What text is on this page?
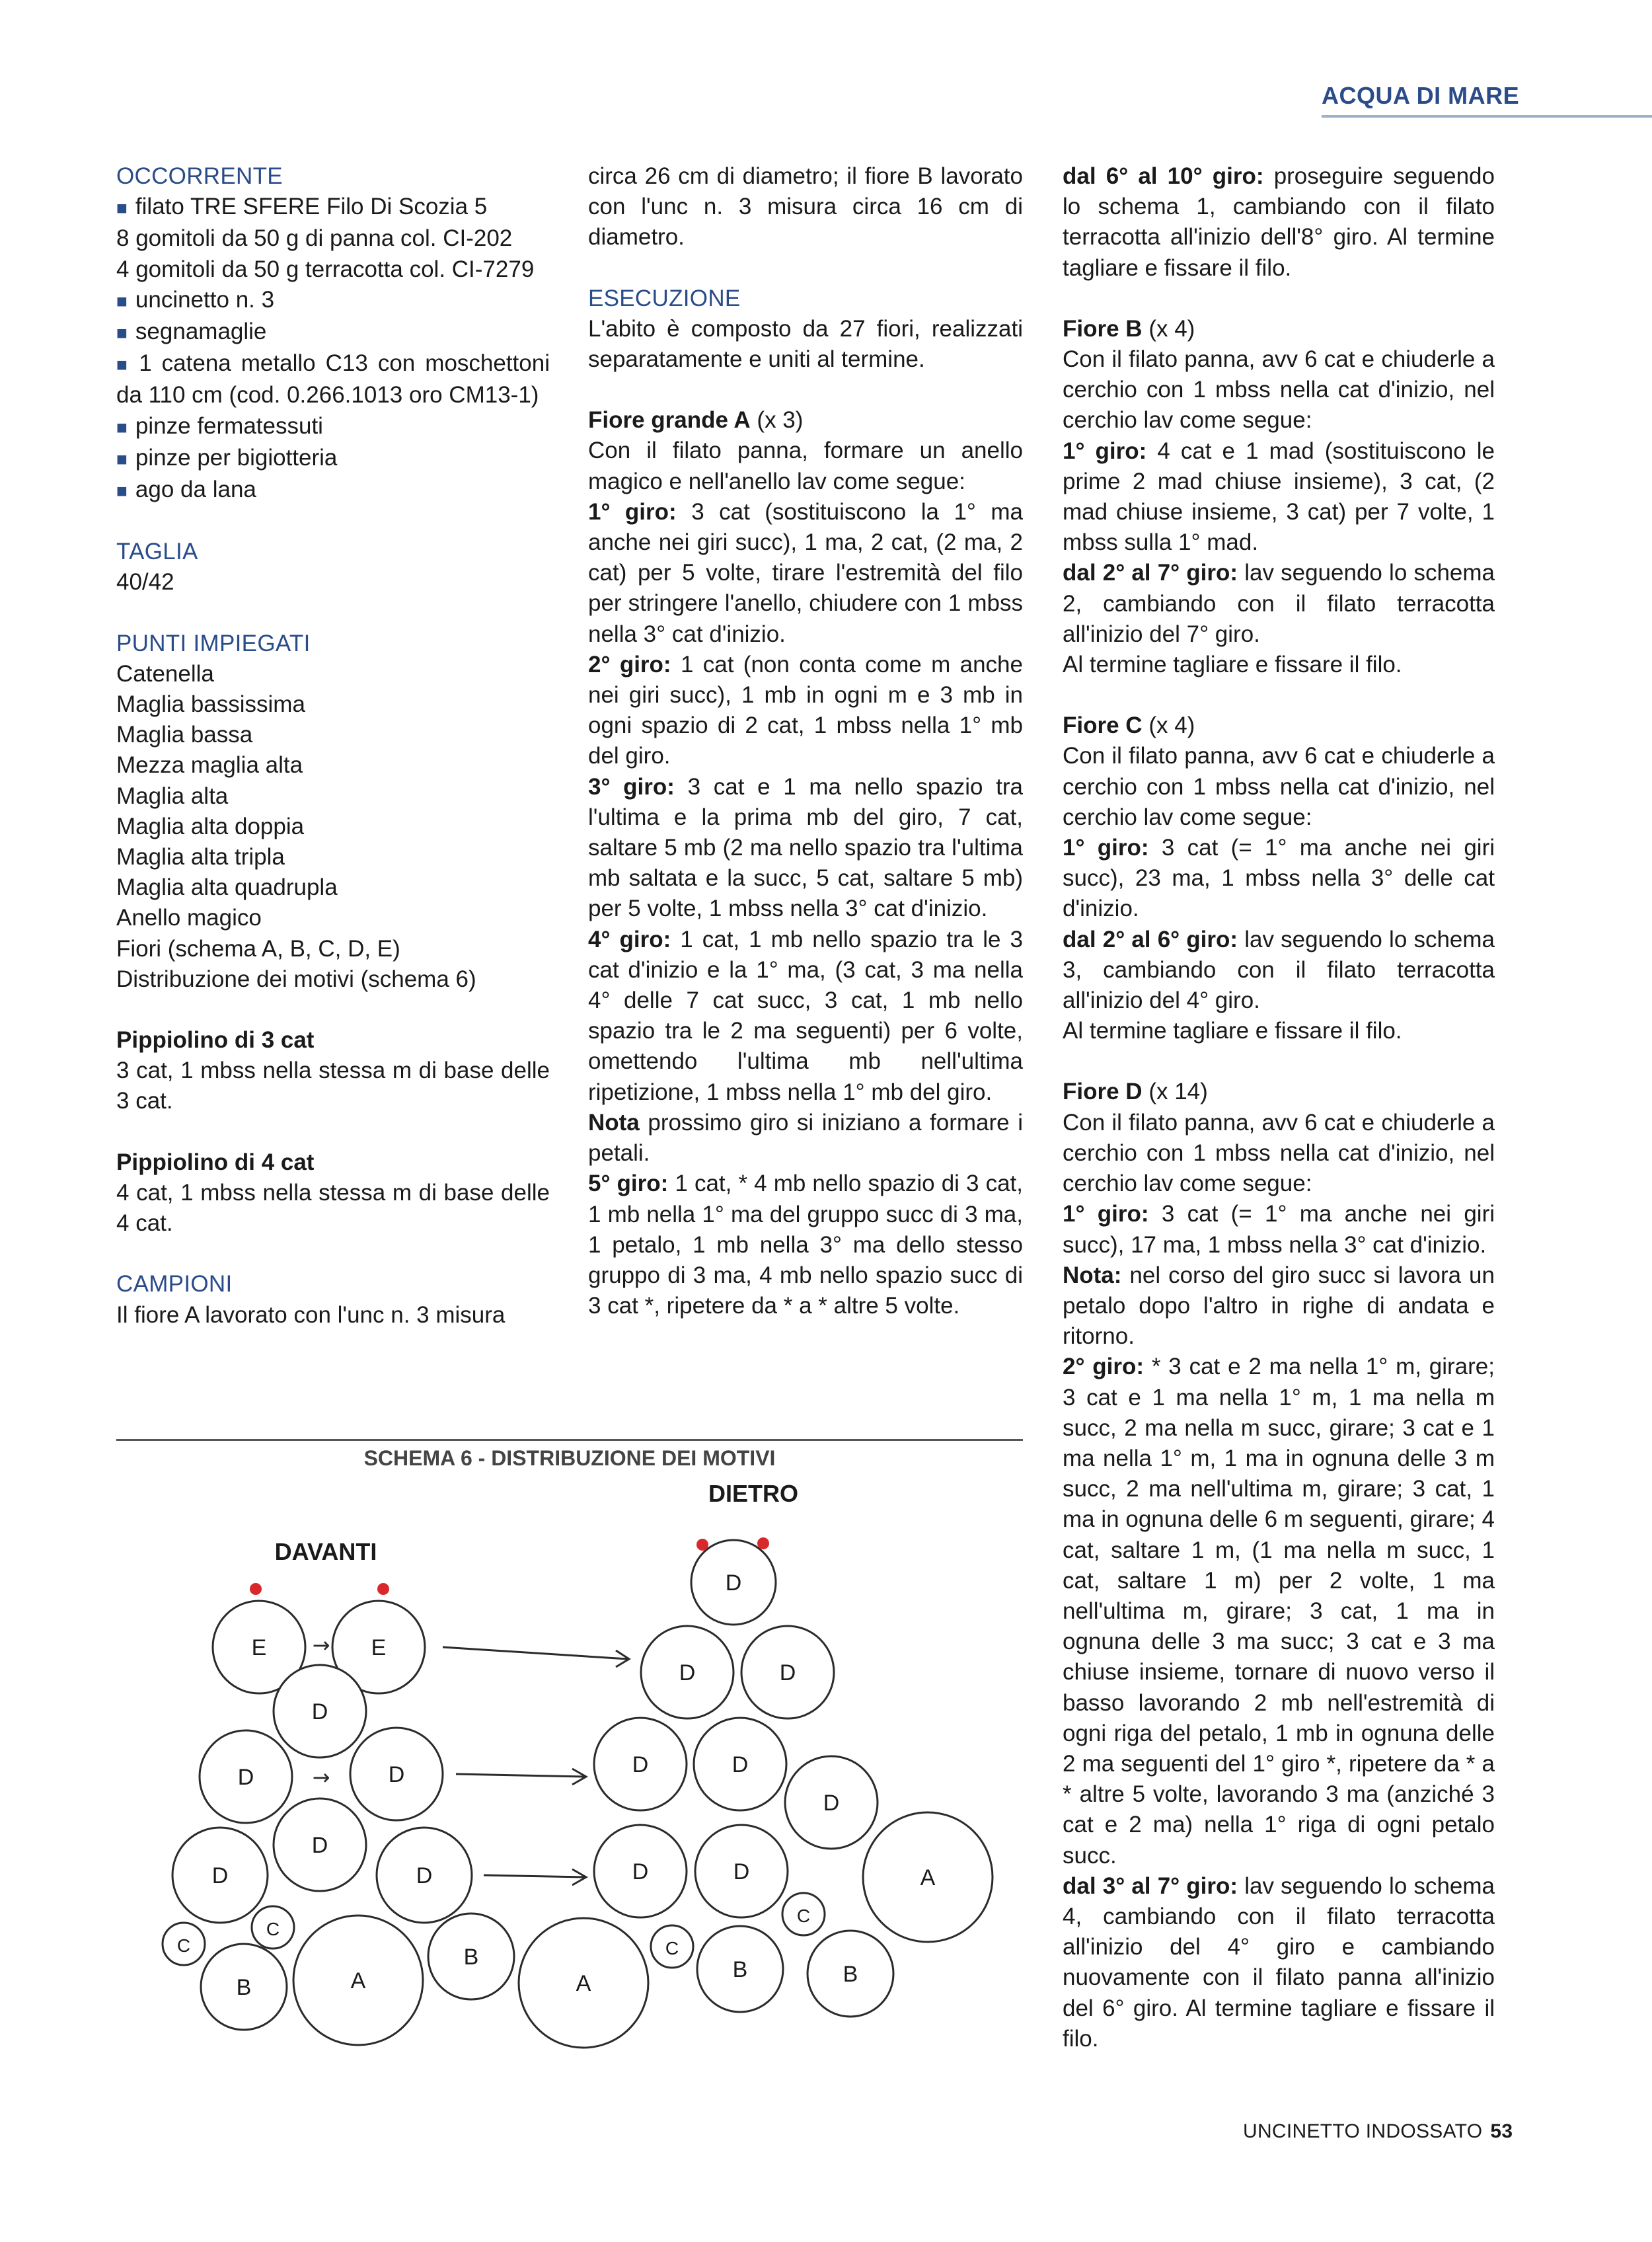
ACQUA DI MARE

OCCORRENTE

■ filato TRE SFERE Filo Di Scozia 5

8 gomitoli da 50 g di panna col. CI-202

4 gomitoli da 50 g terracotta col. CI-7279

■ uncinetto n. 3

■ segnamaglie

■ 1 catena metallo C13 con moschettoni da 110 cm (cod. 0.266.1013 oro CM13-1)

■ pinze fermatessuti

■ pinze per bigiotteria

■ ago da lana

TAGLIA

40/42

PUNTI IMPIEGATI

Catenella

Maglia bassissima

Maglia bassa

Mezza maglia alta

Maglia alta

Maglia alta doppia

Maglia alta tripla

Maglia alta quadrupla

Anello magico

Fiori (schema A, B, C, D, E)

Distribuzione dei motivi (schema 6)

Pippiolino di 3 cat

3 cat, 1 mbss nella stessa m di base delle 3 cat.

Pippiolino di 4 cat

4 cat, 1 mbss nella stessa m di base delle 4 cat.

CAMPIONI

Il fiore A lavorato con l'unc n. 3 misura

circa 26 cm di diametro; il fiore B lavorato con l'unc n. 3 misura circa 16 cm di diametro.

ESECUZIONE

L'abito è composto da 27 fiori, realizzati separatamente e uniti al termine.

Fiore grande A (x 3)

Con il filato panna, formare un anello magico e nell'anello lav come segue:

1° giro: 3 cat (sostituiscono la 1° ma anche nei giri succ), 1 ma, 2 cat, (2 ma, 2 cat) per 5 volte, tirare l'estremità del filo per stringere l'anello, chiudere con 1 mbss nella 3° cat d'inizio.

2° giro: 1 cat (non conta come m anche nei giri succ), 1 mb in ogni m e 3 mb in ogni spazio di 2 cat, 1 mbss nella 1° mb del giro.

3° giro: 3 cat e 1 ma nello spazio tra l'ultima e la prima mb del giro, 7 cat, saltare 5 mb (2 ma nello spazio tra l'ultima mb saltata e la succ, 5 cat, saltare 5 mb) per 5 volte, 1 mbss nella 3° cat d'inizio.

4° giro: 1 cat, 1 mb nello spazio tra le 3 cat d'inizio e la 1° ma, (3 cat, 3 ma nella 4° delle 7 cat succ, 3 cat, 1 mb nello spazio tra le 2 ma seguenti) per 6 volte, omettendo l'ultima mb nell'ultima ripetizione, 1 mbss nella 1° mb del giro.

Nota prossimo giro si iniziano a formare i petali.

5° giro: 1 cat, * 4 mb nello spazio di 3 cat, 1 mb nella 1° ma del gruppo succ di 3 ma, 1 petalo, 1 mb nella 3° ma dello stesso gruppo di 3 ma, 4 mb nello spazio succ di 3 cat *, ripetere da * a * altre 5 volte.

dal 6° al 10° giro: proseguire seguendo lo schema 1, cambiando con il filato terracotta all'inizio dell'8° giro. Al termine tagliare e fissare il filo.

Fiore B (x 4)

Con il filato panna, avv 6 cat e chiuderle a cerchio con 1 mbss nella cat d'inizio, nel cerchio lav come segue:

1° giro: 4 cat e 1 mad (sostituiscono le prime 2 mad chiuse insieme), 3 cat, (2 mad chiuse insieme, 3 cat) per 7 volte, 1 mbss sulla 1° mad.

dal 2° al 7° giro: lav seguendo lo schema 2, cambiando con il filato terracotta all'inizio del 7° giro.

Al termine tagliare e fissare il filo.

Fiore C (x 4)

Con il filato panna, avv 6 cat e chiuderle a cerchio con 1 mbss nella cat d'inizio, nel cerchio lav come segue:

1° giro: 3 cat (= 1° ma anche nei giri succ), 23 ma, 1 mbss nella 3° delle cat d'inizio.

dal 2° al 6° giro: lav seguendo lo schema 3, cambiando con il filato terracotta all'inizio del 4° giro.

Al termine tagliare e fissare il filo.

Fiore D (x 14)

Con il filato panna, avv 6 cat e chiuderle a cerchio con 1 mbss nella cat d'inizio, nel cerchio lav come segue:

1° giro: 3 cat (= 1° ma anche nei giri succ), 17 ma, 1 mbss nella 3° cat d'inizio.

Nota: nel corso del giro succ si lavora un petalo dopo l'altro in righe di andata e ritorno.

2° giro: * 3 cat e 2 ma nella 1° m, girare; 3 cat e 1 ma nella 1° m, 1 ma nella m succ, 2 ma nella m succ, girare; 3 cat e 1 ma nella 1° m, 1 ma in ognuna delle 3 m succ, 2 ma nell'ultima m, girare; 3 cat, 1 ma in ognuna delle 6 m seguenti, girare; 4 cat, saltare 1 m, (1 ma nella m succ, 1 cat, saltare 1 m) per 2 volte, 1 ma nell'ultima m, girare; 3 cat, 1 ma in ognuna delle 3 ma succ; 3 cat e 3 ma chiuse insieme, tornare di nuovo verso il basso lavorando 2 mb nell'estremità di ogni riga del petalo, 1 mb in ognuna delle 2 ma seguenti del 1° giro *, ripetere da * a * altre 5 volte, lavorando 3 ma (anziché 3 cat e 2 ma) nella 1° riga di ogni petalo succ.

dal 3° al 7° giro: lav seguendo lo schema 4, cambiando con il filato terracotta all'inizio del 4° giro e cambiando nuovamente con il filato panna all'inizio del 6° giro. Al termine tagliare e fissare il filo.

SCHEMA 6 - DISTRIBUZIONE DEI MOTIVI
DAVANTI
DIETRO
→
→
E	E
D
D	D
D
D	D
C
C
B	A
B
D
D	D
D	D
D
D	D	A
C
C
A
B	B
UNCINETTO INDOSSATO 53
